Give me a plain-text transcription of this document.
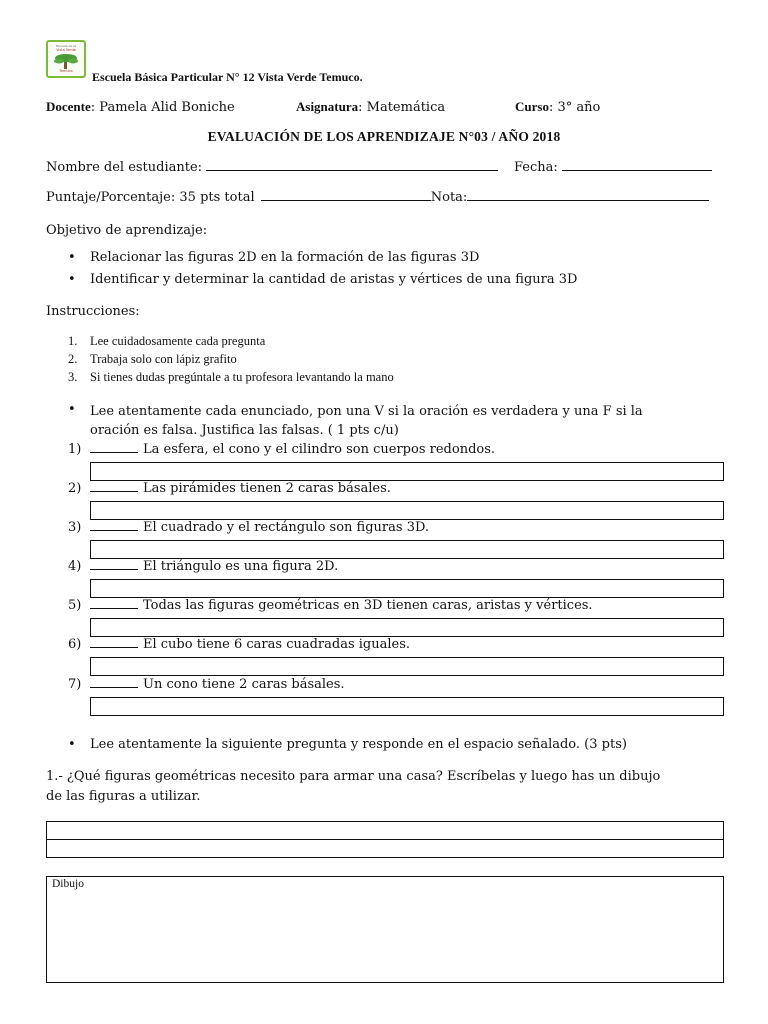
Escuela de la
Vista Verde
Temuco	Escuela Básica Particular N° 12 Vista Verde Temuco.
Docente: Pamela Alid Boniche	Asignatura: Matemática	Curso: 3° año
EVALUACIÓN DE LOS APRENDIZAJE N°03 / AÑO 2018
Nombre del estudiante:	Fecha:
Puntaje/Porcentaje: 35 pts total	Nota:
Objetivo de aprendizaje:
• Relacionar las figuras 2D en la formación de las figuras 3D
• Identificar y determinar la cantidad de aristas y vértices de una figura 3D
Instrucciones:
1. Lee cuidadosamente cada pregunta
2. Trabaja solo con lápiz grafito
3. Si tienes dudas pregúntale a tu profesora levantando la mano
•	Lee atentamente cada enunciado, pon una V si la oración es verdadera y una F si la
oración es falsa. Justifica las falsas. ( 1 pts c/u)
1)	La esfera, el cono y el cilindro son cuerpos redondos.
2)	Las pirámides tienen 2 caras básales.
3)	El cuadrado y el rectángulo son figuras 3D.
4)	El triángulo es una figura 2D.
5)	Todas las figuras geométricas en 3D tienen caras, aristas y vértices.
6)	El cubo tiene 6 caras cuadradas iguales.
7)	Un cono tiene 2 caras básales.
• Lee atentamente la siguiente pregunta y responde en el espacio señalado. (3 pts)
1.- ¿Qué figuras geométricas necesito para armar una casa? Escríbelas y luego has un dibujo
de las figuras a utilizar.
Dibujo
